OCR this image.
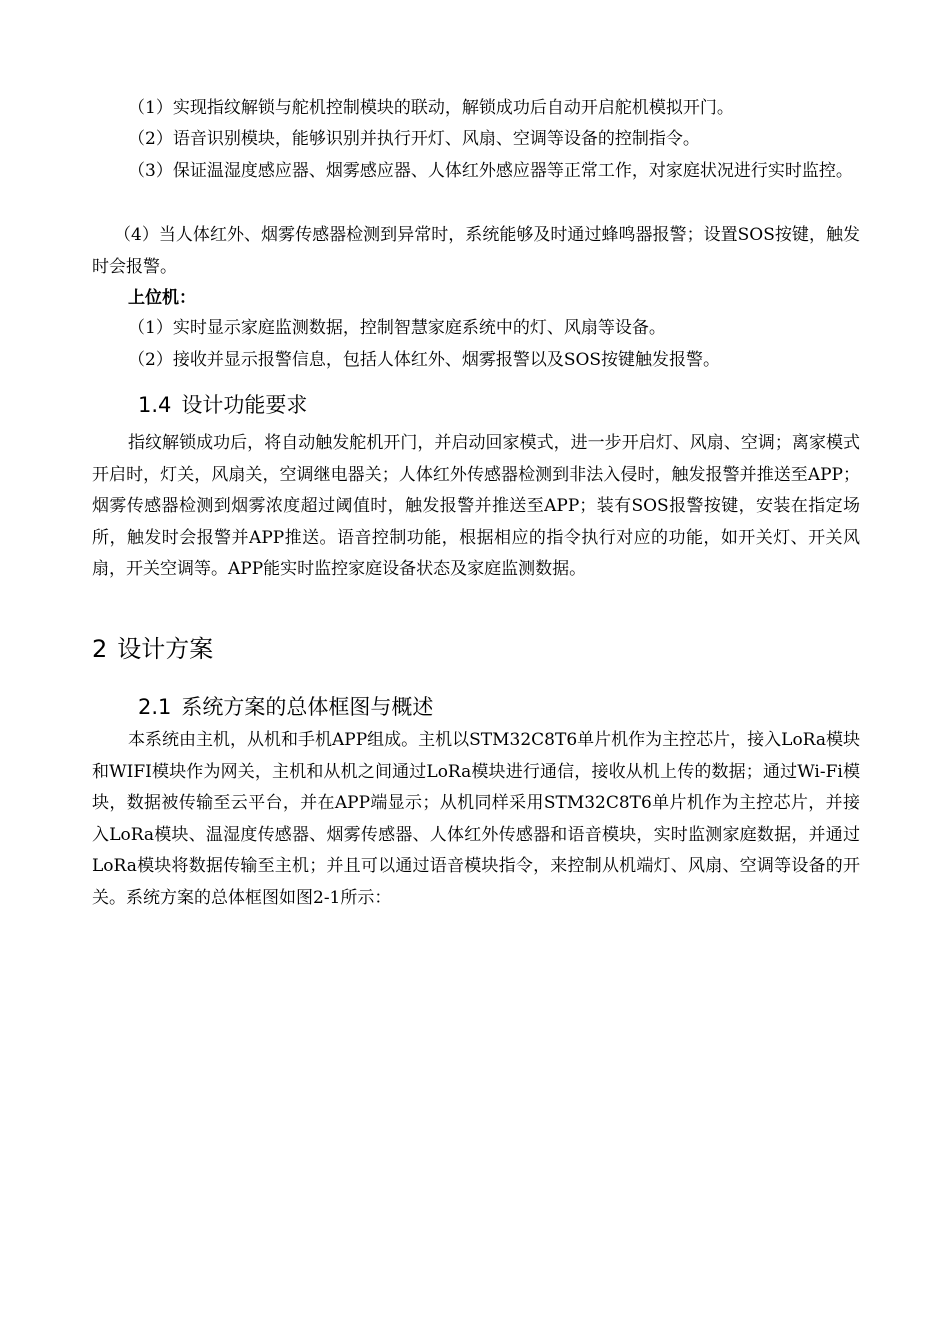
（1）实现指纹解锁与舵机控制模块的联动，解锁成功后自动开启舵机模拟开门。

（2）语音识别模块，能够识别并执行开灯、风扇、空调等设备的控制指令。

（3）保证温湿度感应器、烟雾感应器、人体红外感应器等正常工作，对家庭状况进行实时监控。

（4）当人体红外、烟雾传感器检测到异常时，系统能够及时通过蜂鸣器报警；设置SOS按键，触发时会报警。

上位机：

（1）实时显示家庭监测数据，控制智慧家庭系统中的灯、风扇等设备。

（2）接收并显示报警信息，包括人体红外、烟雾报警以及SOS按键触发报警。

1.4 设计功能要求

指纹解锁成功后，将自动触发舵机开门，并启动回家模式，进一步开启灯、风扇、空调；离家模式开启时，灯关，风扇关，空调继电器关；人体红外传感器检测到非法入侵时，触发报警并推送至APP；烟雾传感器检测到烟雾浓度超过阈值时，触发报警并推送至APP；装有SOS报警按键，安装在指定场所，触发时会报警并APP推送。语音控制功能，根据相应的指令执行对应的功能，如开关灯、开关风扇，开关空调等。APP能实时监控家庭设备状态及家庭监测数据。

2 设计方案
2.1 系统方案的总体框图与概述

本系统由主机，从机和手机APP组成。主机以STM32C8T6单片机作为主控芯片，接入LoRa模块和WIFI模块作为网关，主机和从机之间通过LoRa模块进行通信，接收从机上传的数据；通过Wi-Fi模块，数据被传输至云平台，并在APP端显示；从机同样采用STM32C8T6单片机作为主控芯片，并接入LoRa模块、温湿度传感器、烟雾传感器、人体红外传感器和语音模块，实时监测家庭数据，并通过LoRa模块将数据传输至主机；并且可以通过语音模块指令，来控制从机端灯、风扇、空调等设备的开关。系统方案的总体框图如图2-1所示：
